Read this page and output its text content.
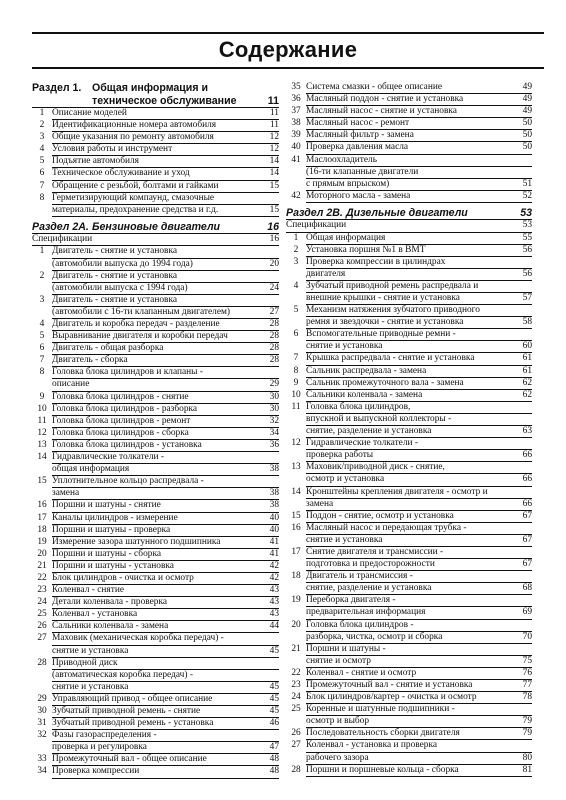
Содержание
Раздел 1.	Общая информация и
техническое обслуживание	11
1 Описание моделей	11
2 Идентификационные номера автомобиля	11
3 Общие указания по ремонту автомобиля	12
4 Условия работы и инструмент	12
5 Подъятие автомобиля	14
6 Техническое обслуживание и уход	14
7 Обращение с резьбой, болтами и гайками	15
8 Герметизирующий компаунд, смазочные
материалы, предохранение средства и г.д.	15
Раздел 2А. Бензиновые двигатели	16
Спецификации	16
1 Двигатель - снятие и установка
(автомобили выпуска до 1994 года)	20
2 Двигатель - снятие и установка
(автомобили выпуска с 1994 года)	24
3 Двигатель - снятие и установка
(автомобили с 16-ти клапанным двигателем)	27
4 Двигатель и коробка передач - разделение	28
5 Выравнивание двигателя и коробки передач	28
6 Двигатель - общая разборка	28
7 Двигатель - сборка	28
8 Головка блока цилиндров и клапаны -
описание	29
9 Головка блока цилиндров - снятие	30
10 Головка блока цилиндров - разборка	30
11 Головка блока цилиндров - ремонт	32
12 Головка блока цилиндров - сборка	34
13 Головка блока цилиндров - установка	36
14 Гидравлические толкатели -
общая информация	38
15 Уплотнительное кольцо распредвала -
замена	38
16 Поршни и шатуны - снятие	38
17 Каналы цилиндров - измерение	40
18 Поршни и шатуны - проверка	40
19 Измерение зазора шатунного подшипника	41
20 Поршни и шатуны - сборка	41
21 Поршни и шатуны - установка	42
22 Блок цилиндров - очистка и осмотр	42
23 Коленвал - снятие	43
24 Детали коленвала - проверка	43
25 Коленвал - установка	43
26 Сальники коленвала - замена	44
27 Маховик (механическая коробка передач) -
снятие и установка	45
28 Приводной диск
(автоматическая коробка передач) -
снятие и установка	45
29 Управляющий привод - общее описание	45
30 Зубчатый приводной ремень - снятие	45
31 Зубчатый приводной ремень - установка	46
32 Фазы газораспределения -
проверка и регулировка	47
33 Промежуточный вал - общее описание	48
34 Проверка компрессии	48
35 Система смазки - общее описание	49
36 Масляный поддон - снятие и установка	49
37 Масляный насос - снятие и установка	49
38 Масляный насос - ремонт	50
39 Масляный фильтр - замена	50
40 Проверка давления масла	50
41 Маслоохладитель
(16-ти клапанные двигатели
с прямым впрыском)	51
42 Моторного масла - замена	52
Раздел 2В. Дизельные двигатели	53
Спецификации	53
1 Общая информация	55
2 Установка поршня №1 в ВМТ	56
3 Проверка компрессии в цилиндрах
двигателя	56
4 Зубчатый приводной ремень распредвала и
внешние крышки - снятие и установка	57
5 Механизм натяжения зубчатого приводного
ремня и звездочки - снятие и установка	58
6 Вспомогательные приводные ремни -
снятие и установка	60
7 Крышка распредвала - снятие и установка	61
8 Сальник распредвала - замена	61
9 Сальник промежуточного вала - замена	62
10 Сальники коленвала - замена	62
11 Головка блока цилиндров,
впускной и выпускной коллекторы -
снятие, разделение и установка	63
12 Гидравлические толкатели -
проверка работы	66
13 Маховик/приводной диск - снятие,
осмотр и установка	66
14 Кронштейны крепления двигателя - осмотр и
замена	66
15 Поддон - снятие, осмотр и установка	67
16 Масляный насос и передающая трубка -
снятие и установка	67
17 Снятие двигателя и трансмиссии -
подготовка и предосторожности	67
18 Двигатель и трансмиссия -
снятие, разделение и установка	68
19 Переборка двигателя -
предварительная информация	69
20 Головка блока цилиндров -
разборка, чистка, осмотр и сборка	70
21 Поршни и шатуны -
снятие и осмотр	75
22 Коленвал - снятие и осмотр	76
23 Промежуточный вал - снятие и установка	77
24 Блок цилиндров/картер - очистка и осмотр	78
25 Коренные и шатунные подшипники -
осмотр и выбор	79
26 Последовательность сборки двигателя	79
27 Коленвал - установка и проверка
рабочего зазора	80
28 Поршни и поршневые кольца - сборка	81
